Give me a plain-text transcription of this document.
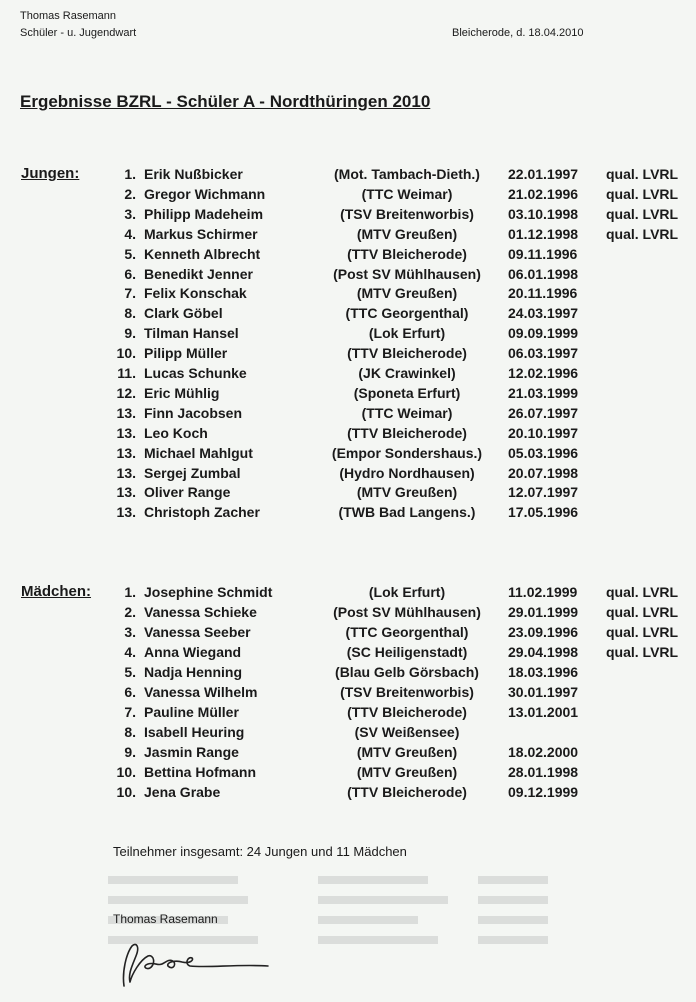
Thomas Rasemann
Schüler - u. Jugendwart	Bleicherode, d. 18.04.2010
Ergebnisse BZRL - Schüler A - Nordthüringen 2010
Jungen:	1. Erik Nußbicker	(Mot. Tambach-Dieth.)	22.01.1997 qual. LVRL
2. Gregor Wichmann	(TTC Weimar)	21.02.1996 qual. LVRL
3. Philipp Madeheim	(TSV Breitenworbis)	03.10.1998 qual. LVRL
4. Markus Schirmer	(MTV Greußen)	01.12.1998 qual. LVRL
5. Kenneth Albrecht	(TTV Bleicherode)	09.11.1996
6. Benedikt Jenner	(Post SV Mühlhausen)	06.01.1998
7. Felix Konschak	(MTV Greußen)	20.11.1996
8. Clark Göbel	(TTC Georgenthal)	24.03.1997
9. Tilman Hansel	(Lok Erfurt)	09.09.1999
10. Pilipp Müller	(TTV Bleicherode)	06.03.1997
11. Lucas Schunke	(JK Crawinkel)	12.02.1996
12. Eric Mühlig	(Sponeta Erfurt)	21.03.1999
13. Finn Jacobsen	(TTC Weimar)	26.07.1997
13. Leo Koch	(TTV Bleicherode)	20.10.1997
13. Michael Mahlgut	(Empor Sondershaus.)	05.03.1996
13. Sergej Zumbal	(Hydro Nordhausen)	20.07.1998
13. Oliver Range	(MTV Greußen)	12.07.1997
13. Christoph Zacher	(TWB Bad Langens.)	17.05.1996
Mädchen:	1. Josephine Schmidt	(Lok Erfurt)	11.02.1999 qual. LVRL
2. Vanessa Schieke	(Post SV Mühlhausen)	29.01.1999 qual. LVRL
3. Vanessa Seeber	(TTC Georgenthal)	23.09.1996 qual. LVRL
4. Anna Wiegand	(SC Heiligenstadt)	29.04.1998 qual. LVRL
5. Nadja Henning	(Blau Gelb Görsbach)	18.03.1996
6. Vanessa Wilhelm	(TSV Breitenworbis)	30.01.1997
7. Pauline Müller	(TTV Bleicherode)	13.01.2001
8. Isabell Heuring	(SV Weißensee)
9. Jasmin Range	(MTV Greußen)	18.02.2000
10. Bettina Hofmann	(MTV Greußen)	28.01.1998
10. Jena Grabe	(TTV Bleicherode)	09.12.1999
Teilnehmer insgesamt: 24 Jungen und 11 Mädchen
Thomas Rasemann
